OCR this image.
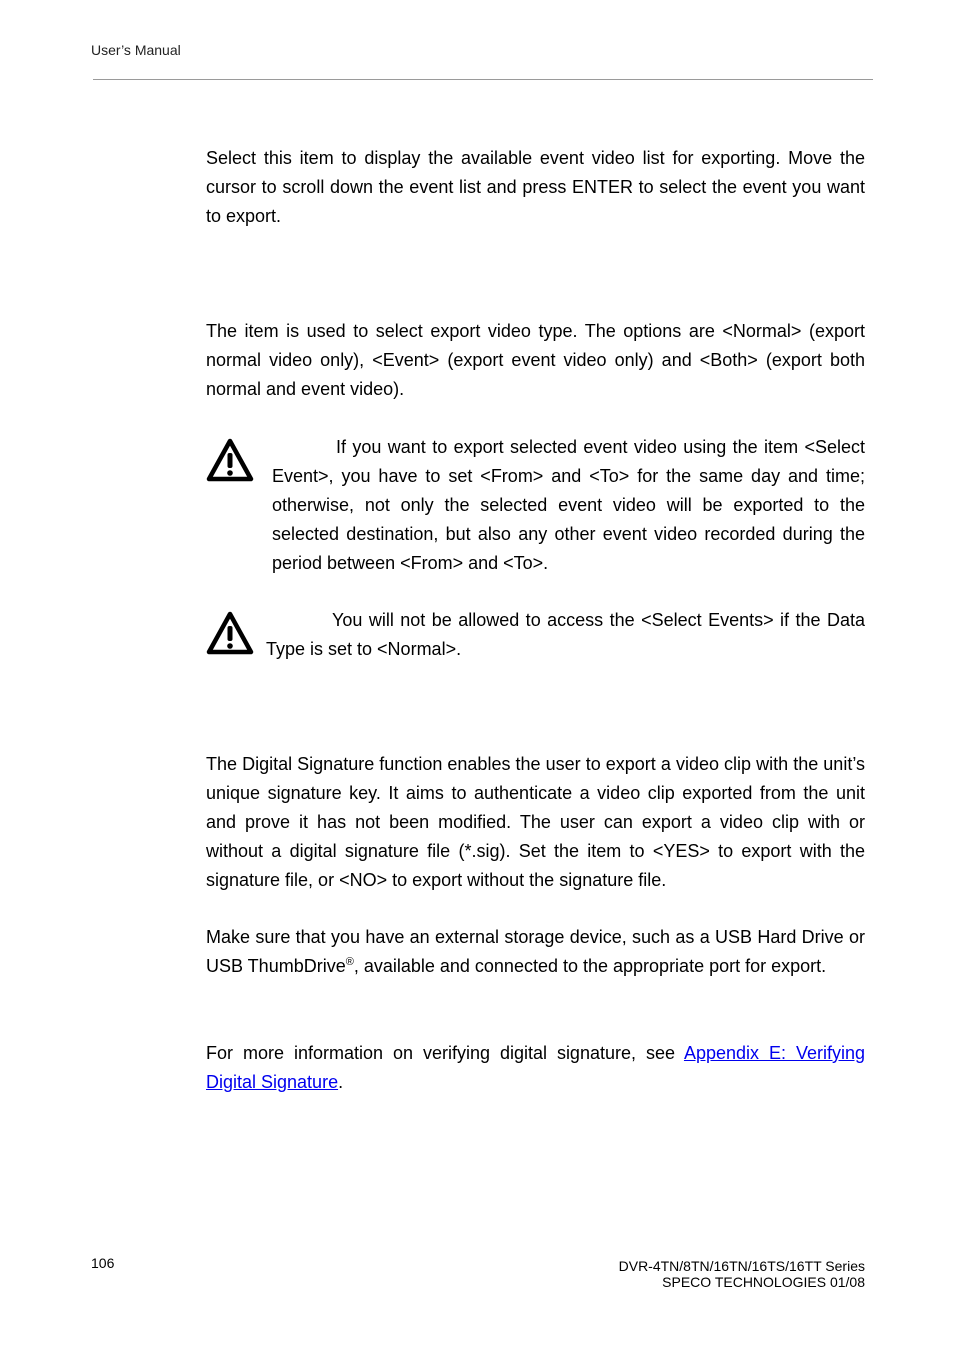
User’s Manual

Select this item to display the available event video list for exporting. Move the cursor to scroll down the event list and press ENTER to select the event you want to export.

The item is used to select export video type. The options are <Normal> (export normal video only), <Event> (export event video only) and <Both> (export both normal and event video).

If you want to export selected event video using the item <Select Event>, you have to set <From> and <To> for the same day and time; otherwise, not only the selected event video will be exported to the selected destination, but also any other event video recorded during the period between <From> and <To>.

You will not be allowed to access the <Select Events> if the Data Type is set to <Normal>.

The Digital Signature function enables the user to export a video clip with the unit’s unique signature key. It aims to authenticate a video clip exported from the unit and prove it has not been modified. The user can export a video clip with or without a digital signature file (*.sig). Set the item to <YES> to export with the signature file, or <NO> to export without the signature file.

Make sure that you have an external storage device, such as a USB Hard Drive or USB ThumbDrive®, available and connected to the appropriate port for export.

For more information on verifying digital signature, see Appendix E: Verifying Digital Signature.

106	DVR-4TN/8TN/16TN/16TS/16TT Series
SPECO TECHNOLOGIES 01/08
